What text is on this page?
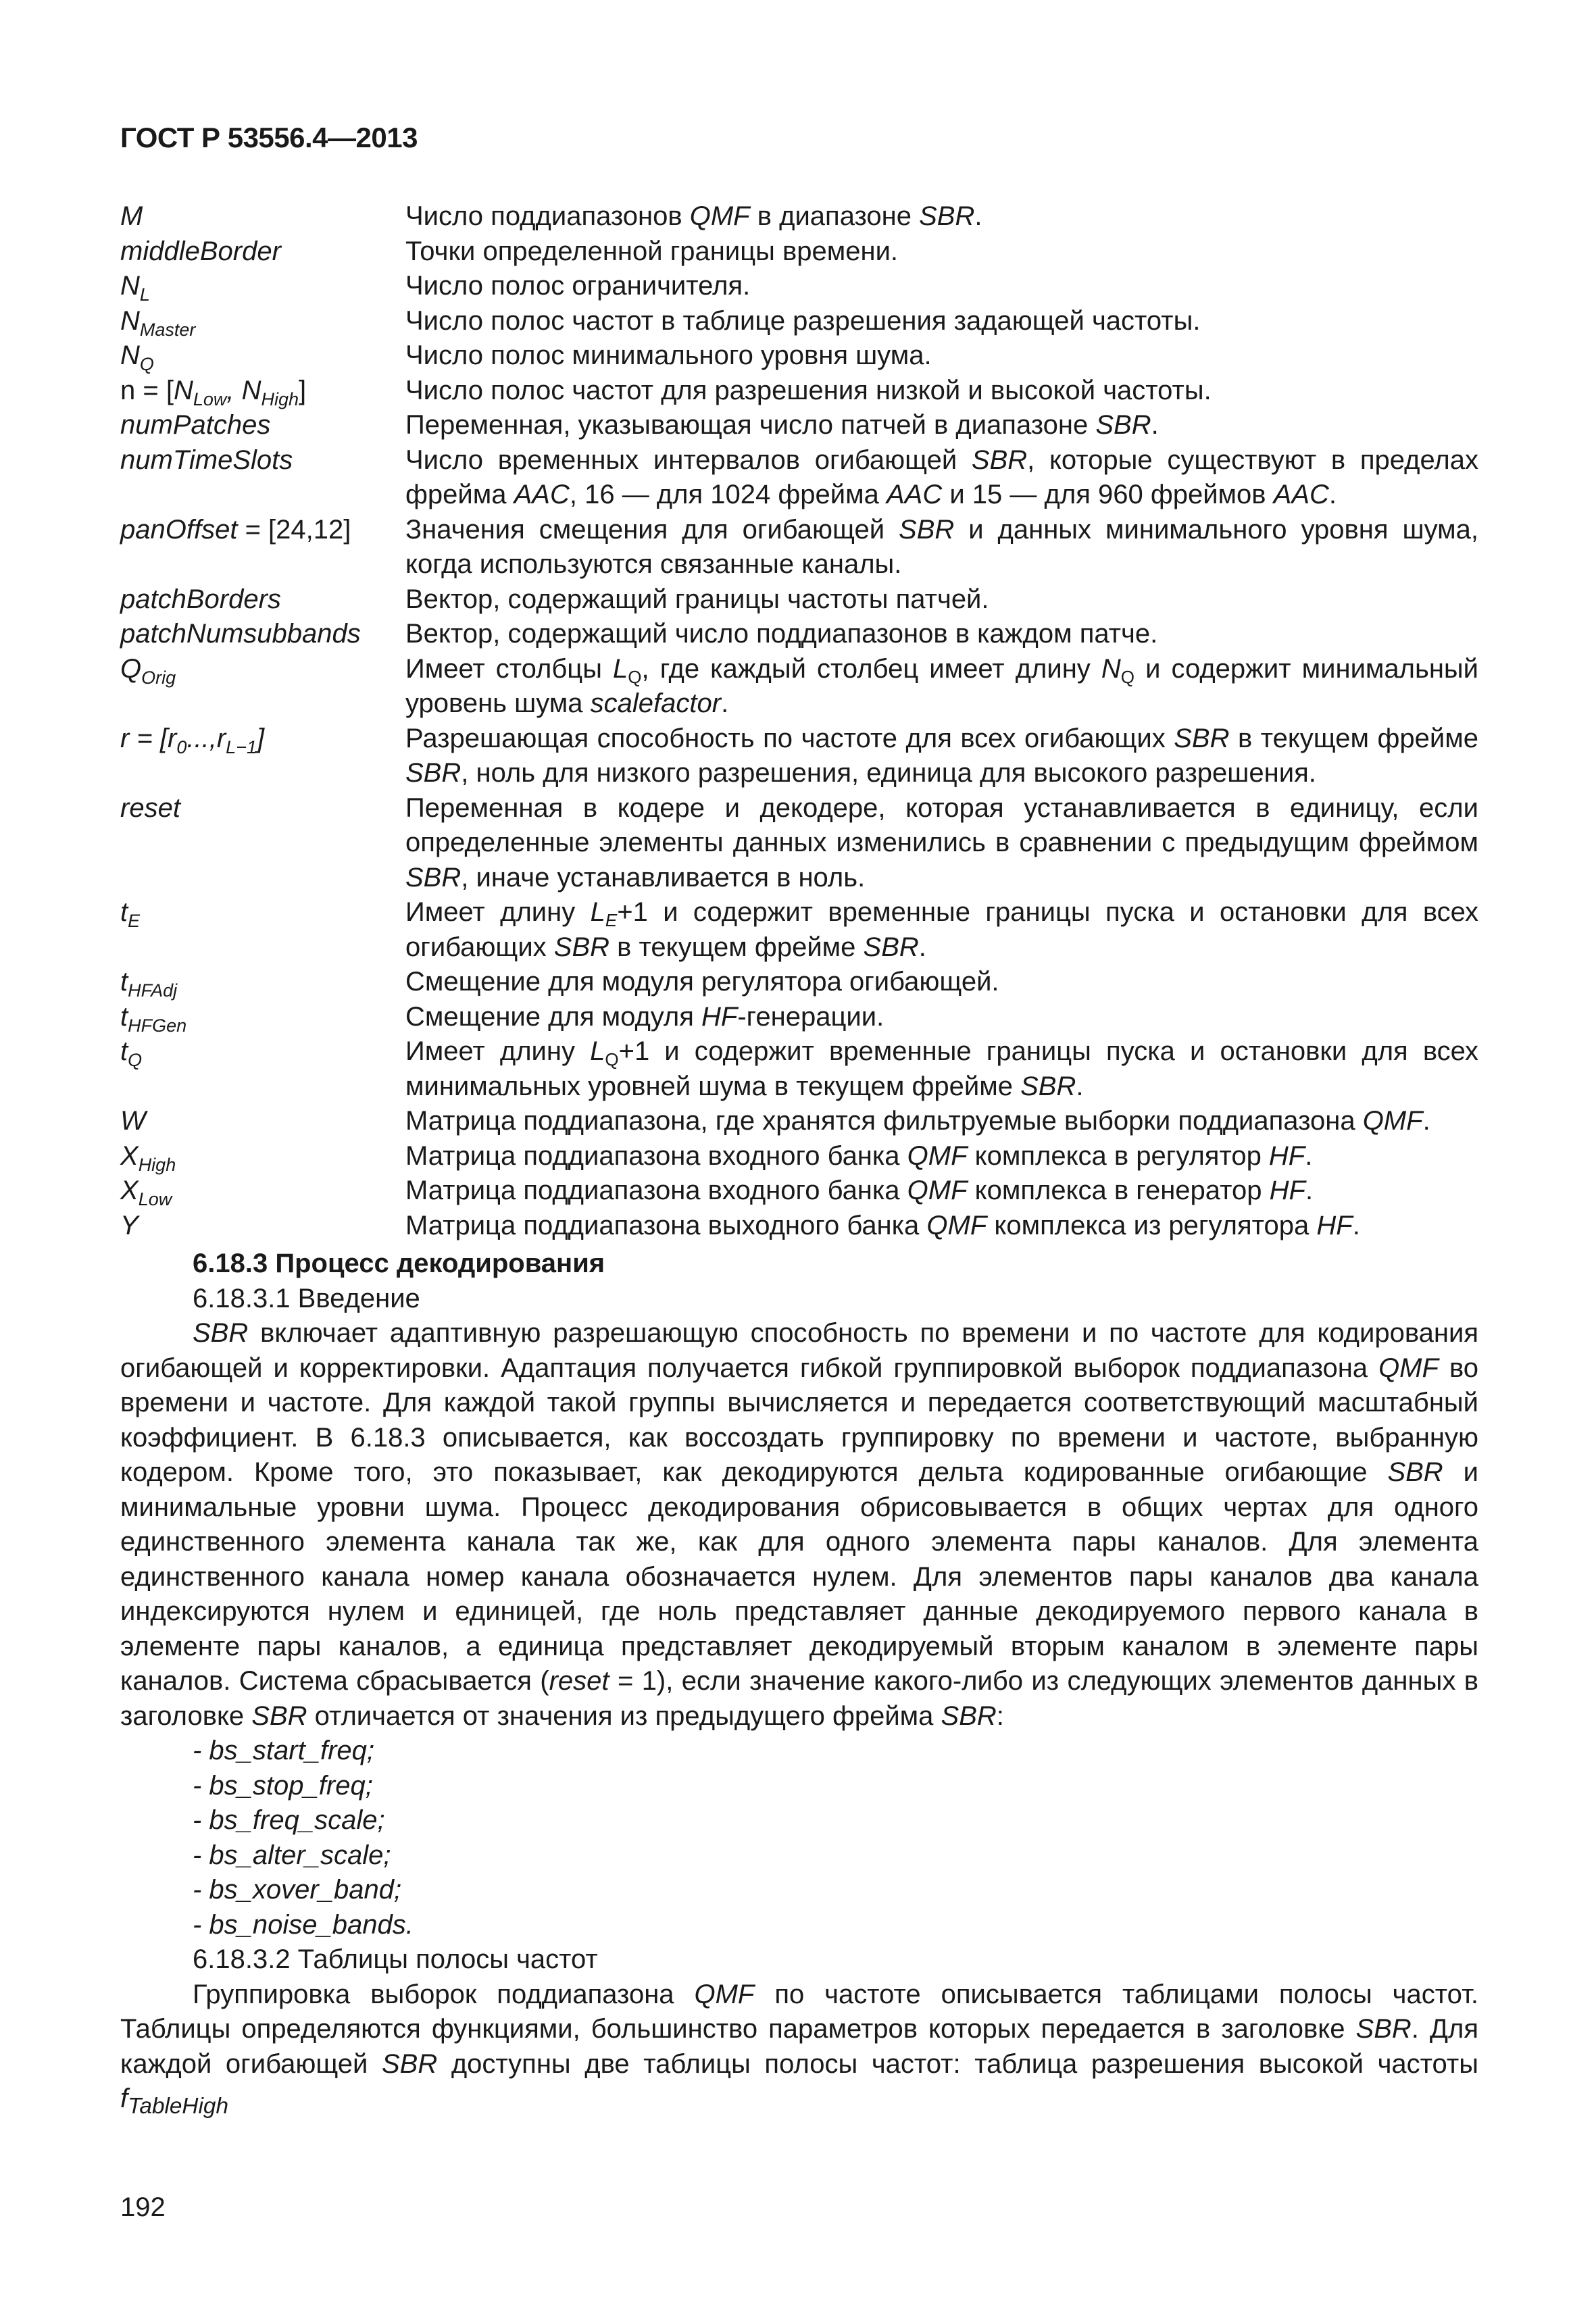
ГОСТ Р 53556.4—2013
M	Число поддиапазонов QMF в диапазоне SBR.
middleBorder	Точки определенной границы времени.
$N_L$	Число полос ограничителя.
$N_{Master}$	Число полос частот в таблице разрешения задающей частоты.
$N_Q$	Число полос минимального уровня шума.
$n = [N_{Low}$, $N_{High}$]	Число полос частот для разрешения низкой и высокой частоты.
numPatches	Переменная, указывающая число патчей в диапазоне SBR.
numTimeSlots	Число временных интервалов огибающей SBR, которые существуют в пределах фрейма AAC, 16 — для 1024 фрейма AAC и 15 — для 960 фреймов AAC.
panOffset = [24,12]	Значения смещения для огибающей SBR и данных минимального уровня шума, когда используются связанные каналы.
patchBorders	Вектор, содержащий границы частоты патчей.
patchNumsubbands	Вектор, содержащий число поддиапазонов в каждом патче.
$Q_{Orig}$	Имеет столбцы $L_Q$, где каждый столбец имеет длину $N_Q$ и содержит минимальный уровень шума scalefactor.
$r = [r_0...,r_{L-1}]$	Разрешающая способность по частоте для всех огибающих SBR в текущем фрейме SBR, ноль для низкого разрешения, единица для высокого разрешения.
reset	Переменная в кодере и декодере, которая устанавливается в единицу, если определенные элементы данных изменились в сравнении с предыдущим фреймом SBR, иначе устанавливается в ноль.
$t_E$	Имеет длину $L_E+1$ и содержит временные границы пуска и остановки для всех огибающих SBR в текущем фрейме SBR.
$t_{HFAdj}$	Смещение для модуля регулятора огибающей.
$t_{HFGen}$	Смещение для модуля HF-генерации.
$t_Q$	Имеет длину $L_Q+1$ и содержит временные границы пуска и остановки для всех минимальных уровней шума в текущем фрейме SBR.
W	Матрица поддиапазона, где хранятся фильтруемые выборки поддиапазона QMF.
$X_{High}$	Матрица поддиапазона входного банка QMF комплекса в регулятор HF.
$X_{Low}$	Матрица поддиапазона входного банка QMF комплекса в генератор HF.
Y	Матрица поддиапазона выходного банка QMF комплекса из регулятора HF.
6.18.3 Процесс декодирования
6.18.3.1 Введение
SBR включает адаптивную разрешающую способность по времени и по частоте для кодирования огибающей и корректировки. Адаптация получается гибкой группировкой выборок поддиапазона QMF во времени и частоте. Для каждой такой группы вычисляется и передается соответствующий масштабный коэффициент. В 6.18.3 описывается, как воссоздать группировку по времени и частоте, выбранную кодером. Кроме того, это показывает, как декодируются дельта кодированные огибающие SBR и минимальные уровни шума. Процесс декодирования обрисовывается в общих чертах для одного единственного элемента канала так же, как для одного элемента пары каналов. Для элемента единственного канала номер канала обозначается нулем. Для элементов пары каналов два канала индексируются нулем и единицей, где ноль представляет данные декодируемого первого канала в элементе пары каналов, а единица представляет декодируемый вторым каналом в элементе пары каналов. Система сбрасывается (reset = 1), если значение какого-либо из следующих элементов данных в заголовке SBR отличается от значения из предыдущего фрейма SBR:
- bs_start_freq;
- bs_stop_freq;
- bs_freq_scale;
- bs_alter_scale;
- bs_xover_band;
- bs_noise_bands.
6.18.3.2 Таблицы полосы частот
Группировка выборок поддиапазона QMF по частоте описывается таблицами полосы частот. Таблицы определяются функциями, большинство параметров которых передается в заголовке SBR. Для каждой огибающей SBR доступны две таблицы полосы частот: таблица разрешения высокой частоты $f_{TableHigh}$
192
